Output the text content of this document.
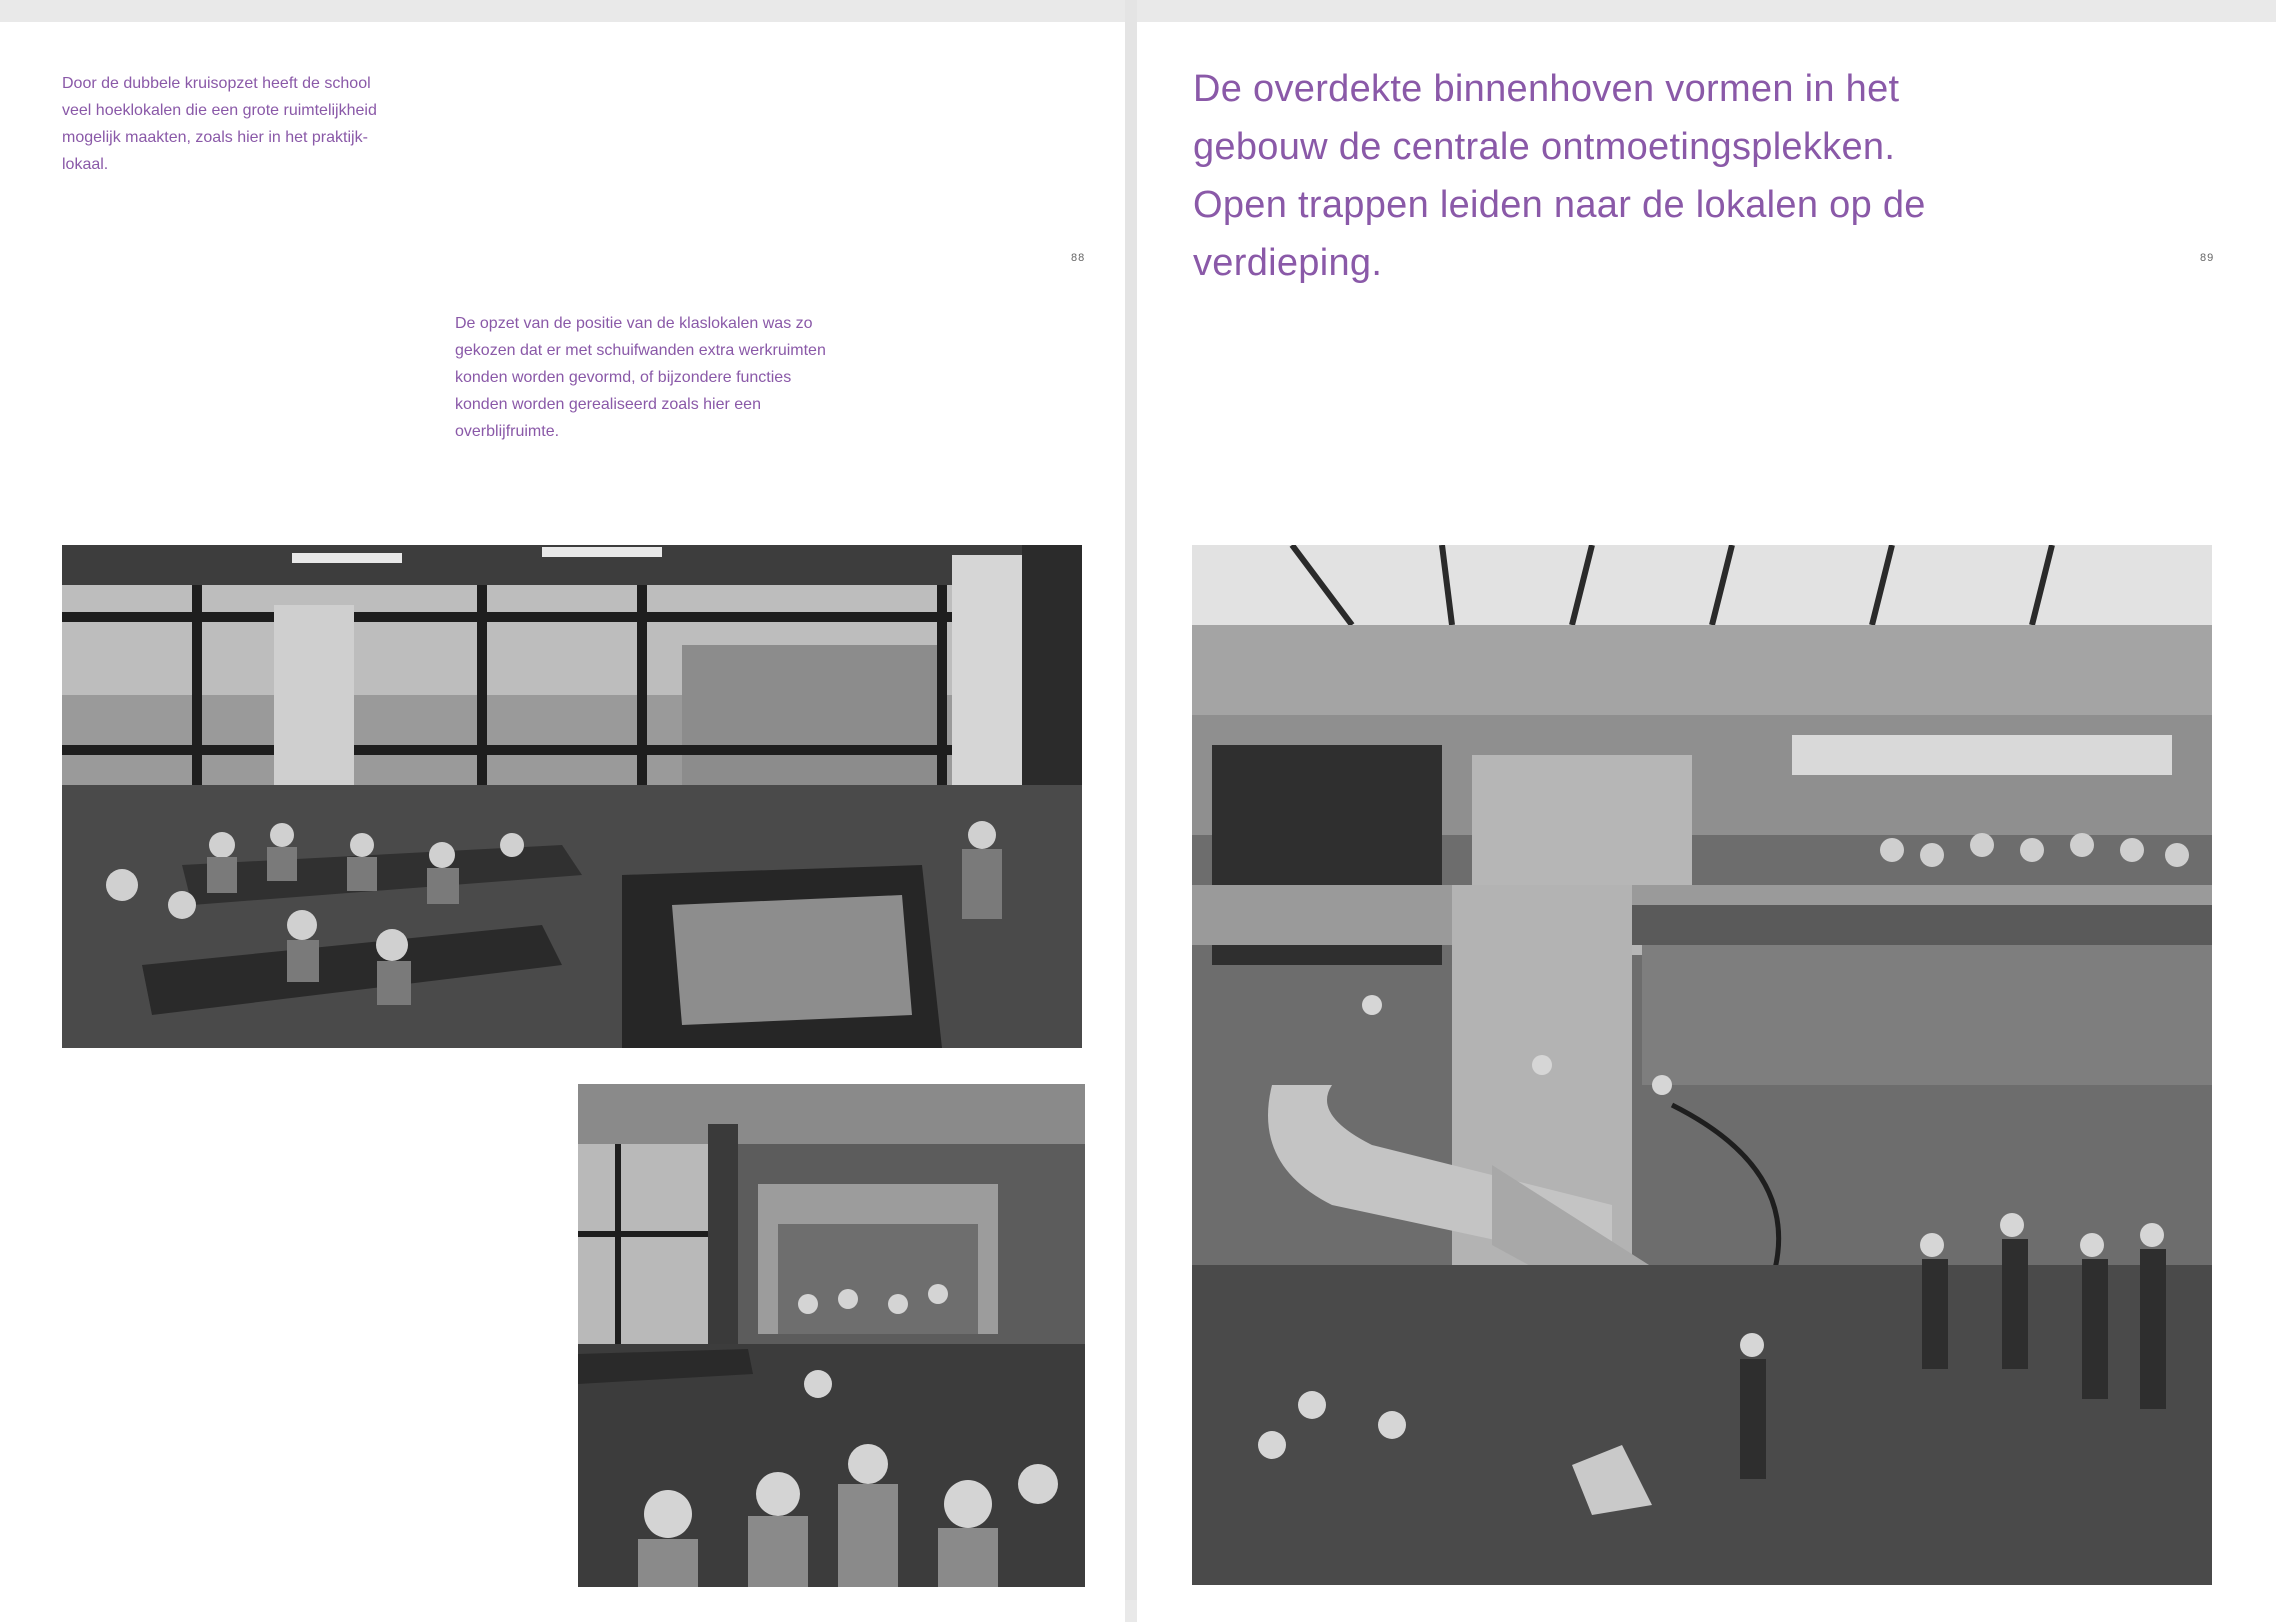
Door de dubbele kruisopzet heeft de school veel hoeklokalen die een grote ruimtelijkheid mogelijk maakten, zoals hier in het praktijk-lokaal.
88
De opzet van de positie van de klaslokalen was zo gekozen dat er met schuifwanden extra werkruimten konden worden gevormd, of bijzondere functies konden worden gerealiseerd zoals hier een overblijfruimte.
De overdekte binnenhoven vormen in het gebouw de centrale ontmoetingsplekken. Open trappen leiden naar de lokalen op de verdieping.	89
